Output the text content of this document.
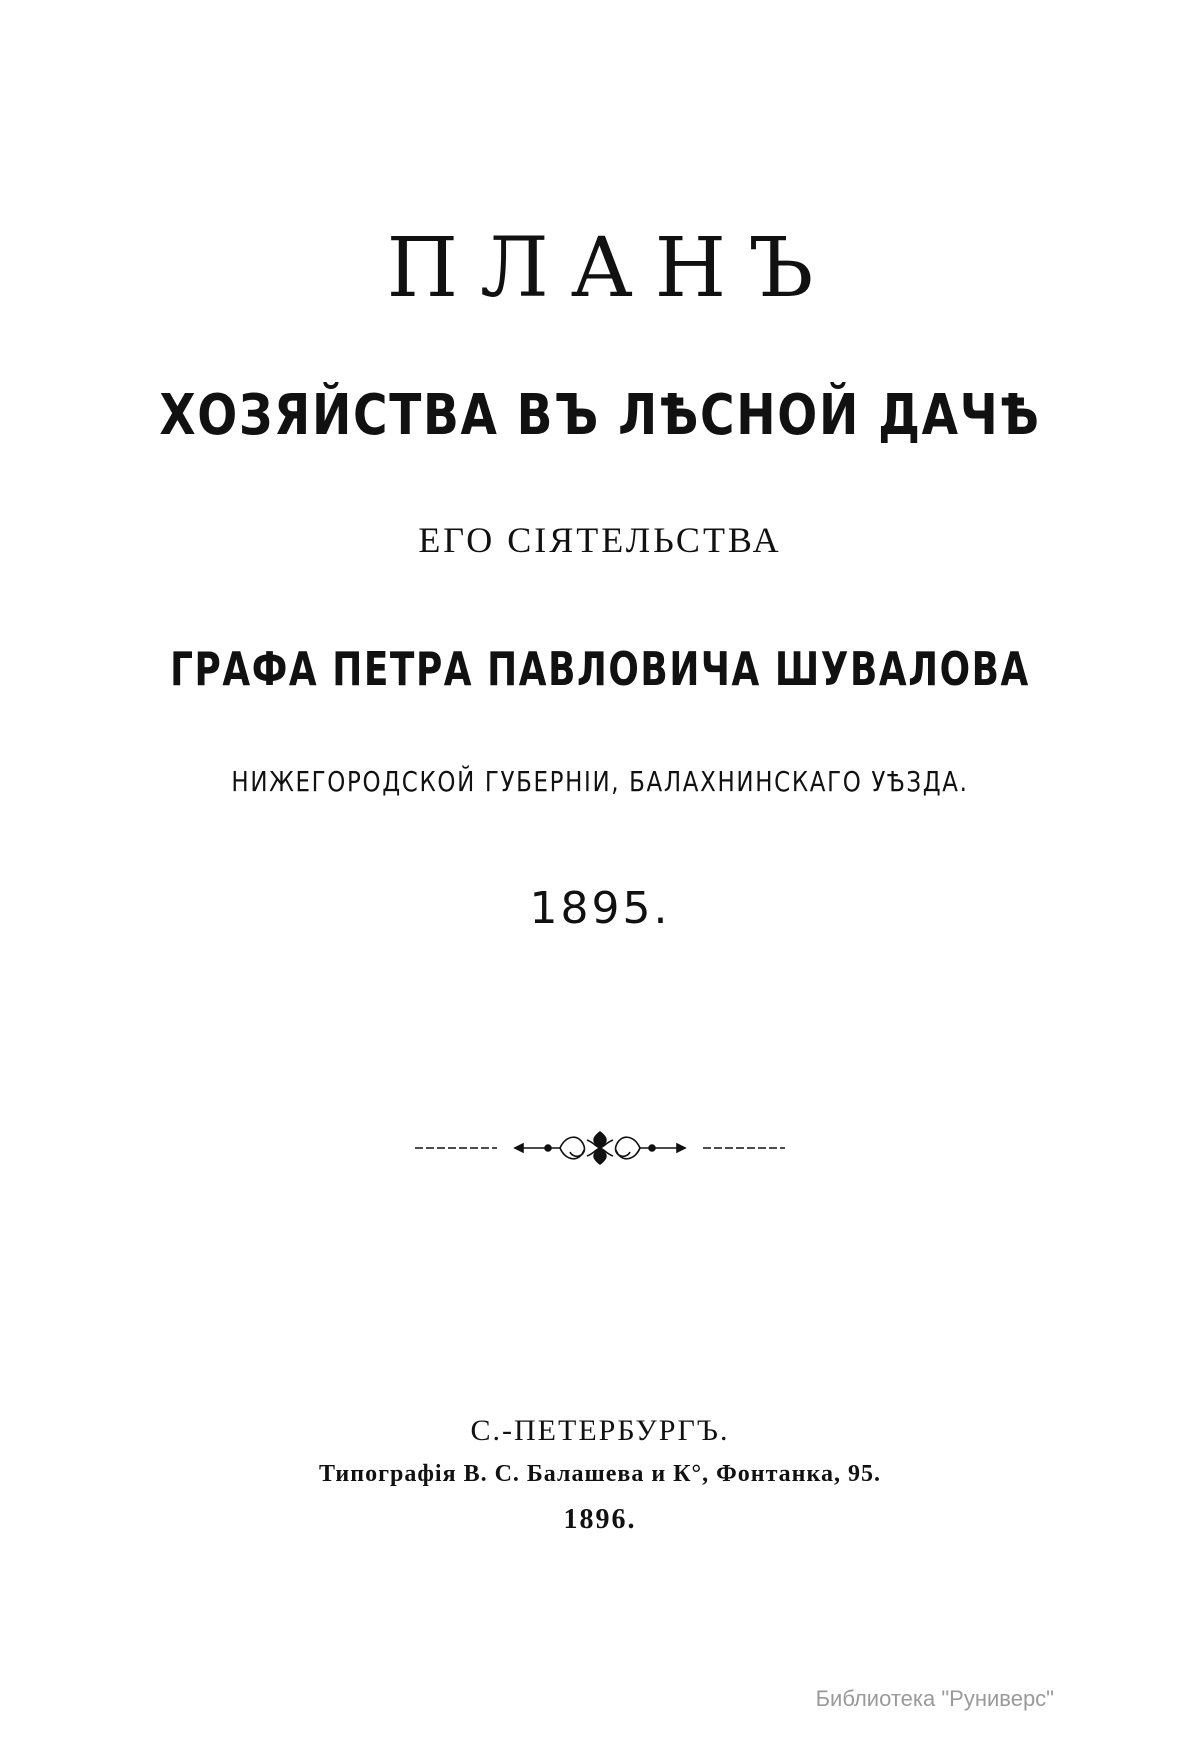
ПЛАНЪ
ХОЗЯЙСТВА ВЪ ЛѢСНОЙ ДАЧѢ
ЕГО СIЯТЕЛЬСТВА
ГРАФА ПЕТРА ПАВЛОВИЧА ШУВАЛОВА
НИЖЕГОРОДСКОЙ ГУБЕРНIИ, БАЛАХНИНСКАГО УѢЗДА.
1895.
С.-ПЕТЕРБУРГЪ.
Типографiя В. С. Балашева и К°, Фонтанка, 95.
1896.
Библиотека "Руниверс"
